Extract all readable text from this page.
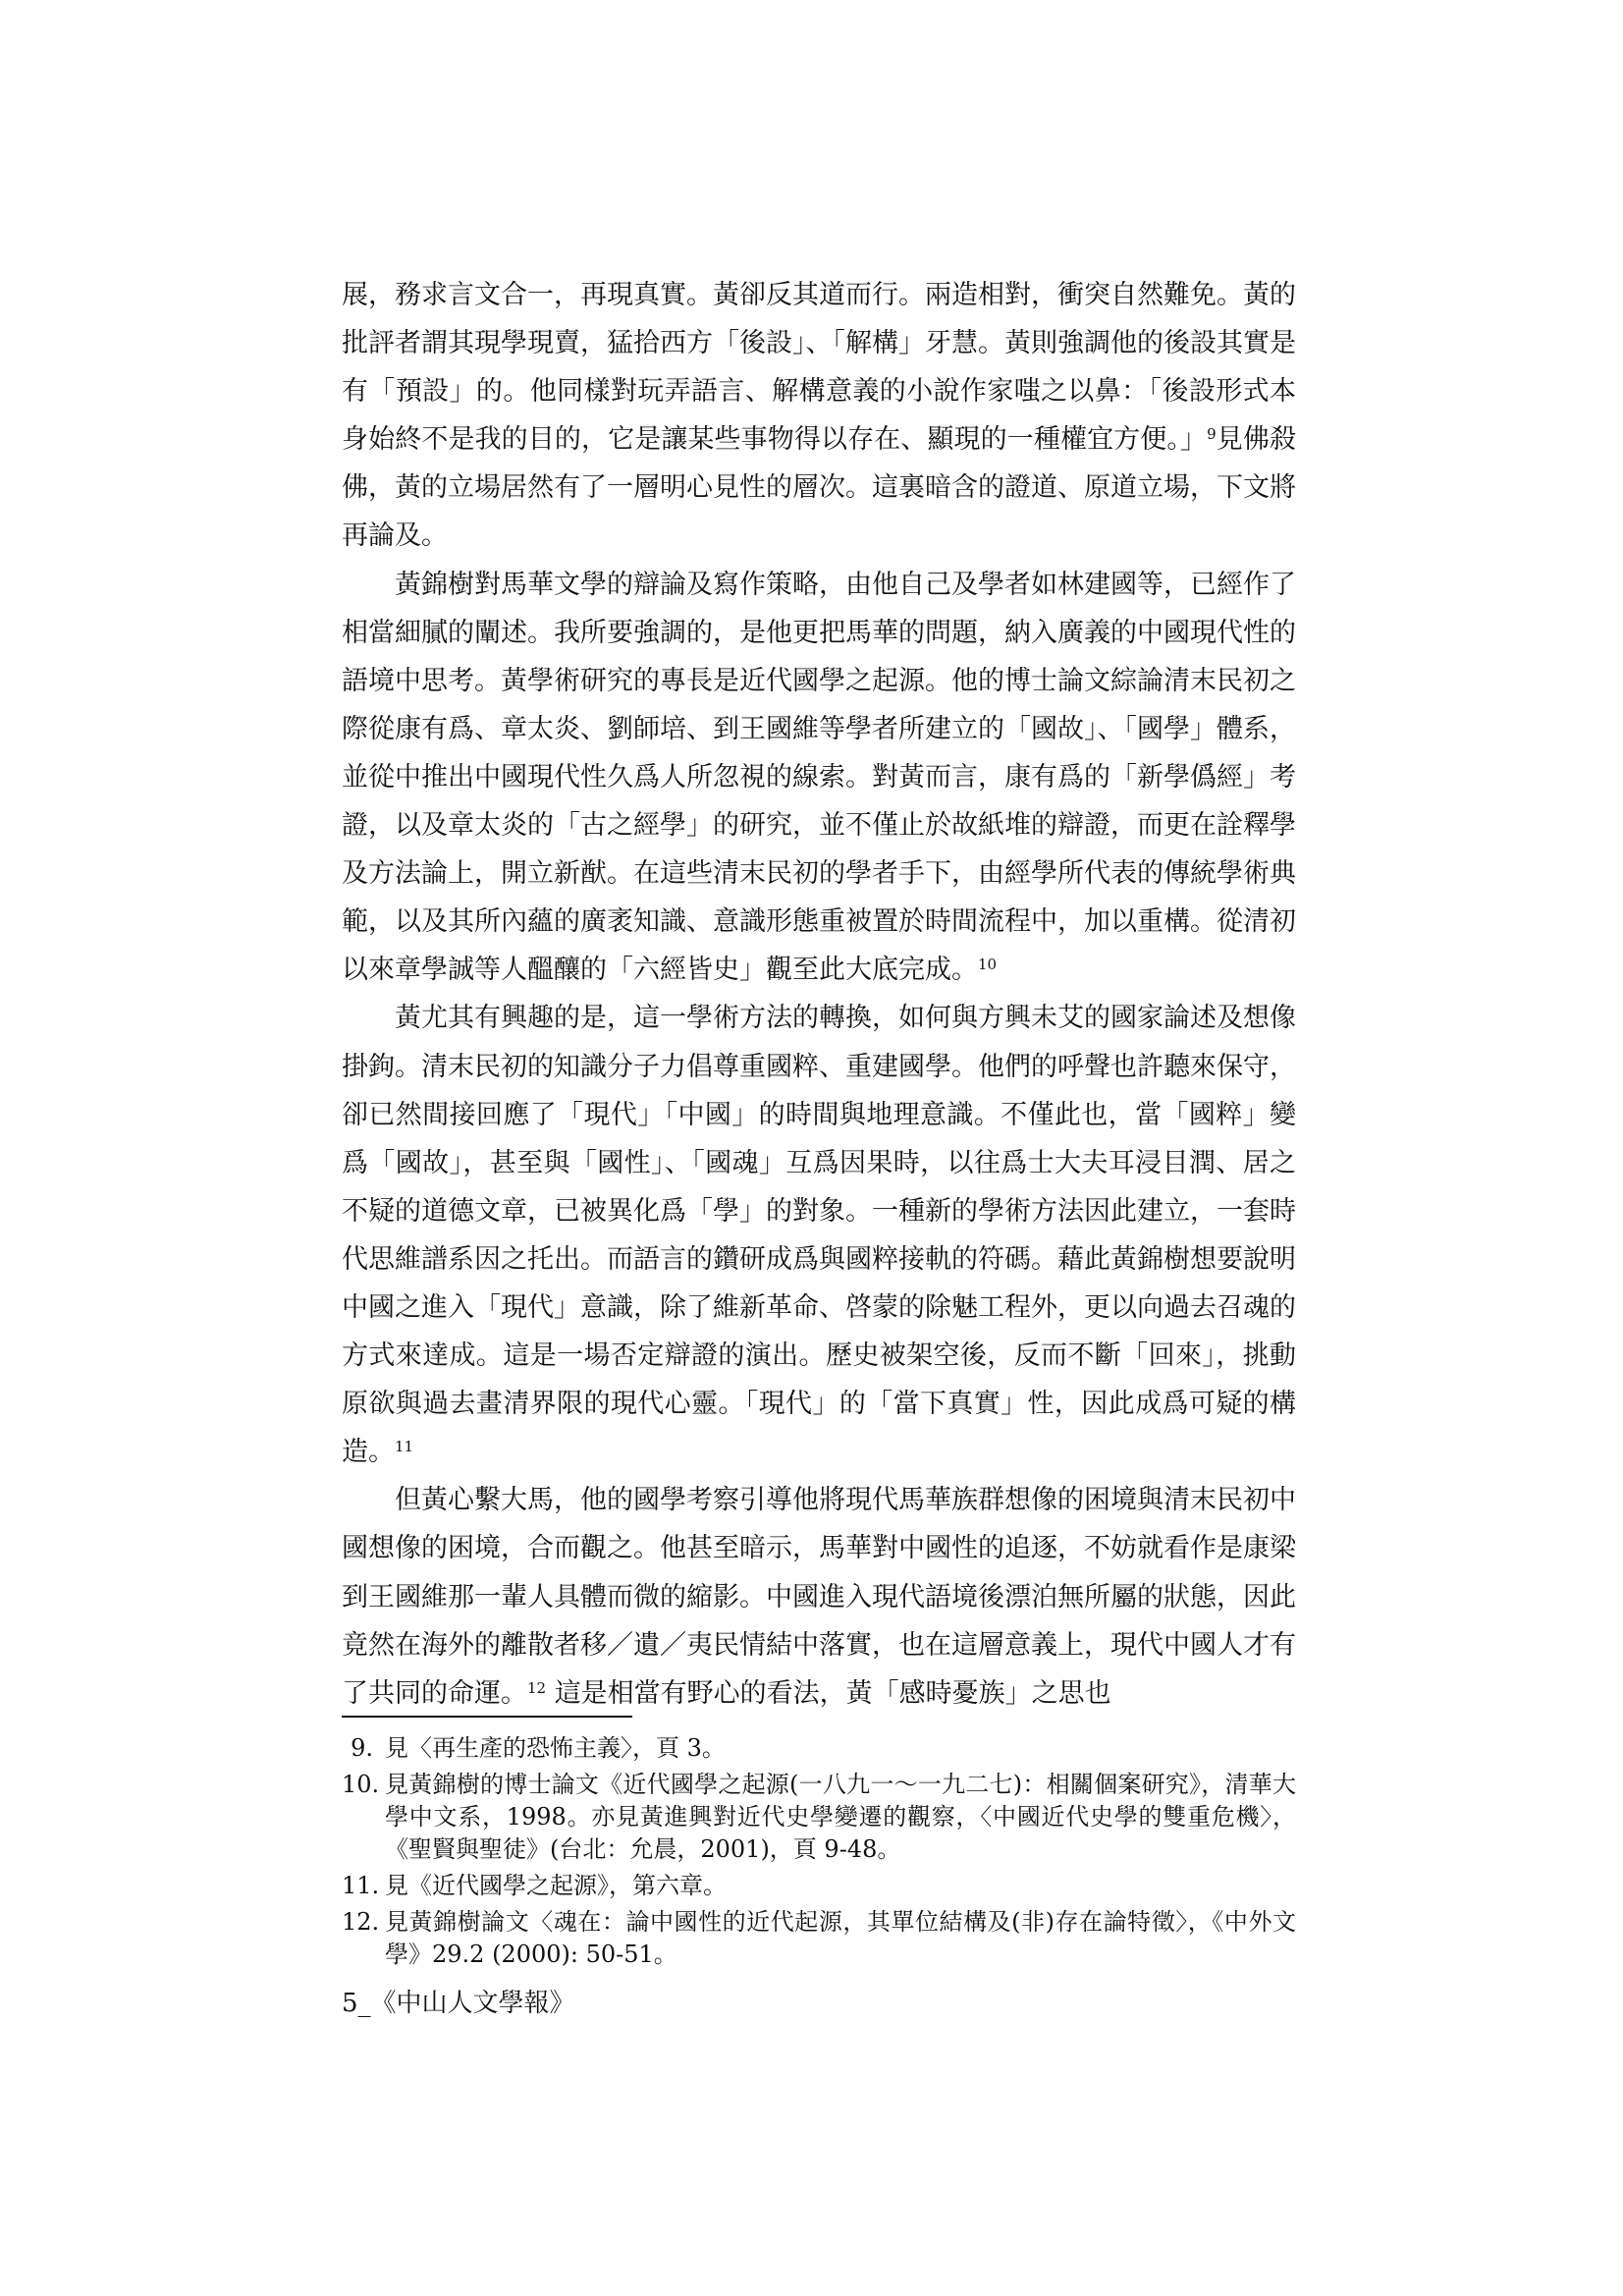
展，務求言文合一，再現真實。黃卻反其道而行。兩造相對，衝突自然難免。黃的批評者謂其現學現賣，猛拾西方「後設」、「解構」牙慧。黃則強調他的後設其實是有「預設」的。他同樣對玩弄語言、解構意義的小說作家嗤之以鼻：「後設形式本身始終不是我的目的，它是讓某些事物得以存在、顯現的一種權宜方便。」$^9$見佛殺佛，黃的立場居然有了一層明心見性的層次。這裏暗含的證道、原道立場，下文將再論及。

黃錦樹對馬華文學的辯論及寫作策略，由他自己及學者如林建國等，已經作了相當細膩的闡述。我所要強調的，是他更把馬華的問題，納入廣義的中國現代性的語境中思考。黃學術研究的專長是近代國學之起源。他的博士論文綜論清末民初之際從康有爲、章太炎、劉師培、到王國維等學者所建立的「國故」、「國學」體系，並從中推出中國現代性久爲人所忽視的線索。對黃而言，康有爲的「新學僞經」考證，以及章太炎的「古之經學」的研究，並不僅止於故紙堆的辯證，而更在詮釋學及方法論上，開立新猷。在這些清末民初的學者手下，由經學所代表的傳統學術典範，以及其所內蘊的廣袤知識、意識形態重被置於時間流程中，加以重構。從清初以來章學誠等人醞釀的「六經皆史」觀至此大底完成。$^{10}$

黃尤其有興趣的是，這一學術方法的轉換，如何與方興未艾的國家論述及想像掛鉤。清末民初的知識分子力倡尊重國粹、重建國學。他們的呼聲也許聽來保守，卻已然間接回應了「現代」「中國」的時間與地理意識。不僅此也，當「國粹」變爲「國故」，甚至與「國性」、「國魂」互爲因果時，以往爲士大夫耳浸目潤、居之不疑的道德文章，已被異化爲「學」的對象。一種新的學術方法因此建立，一套時代思維譜系因之托出。而語言的鑽研成爲與國粹接軌的符碼。藉此黃錦樹想要說明中國之進入「現代」意識，除了維新革命、啓蒙的除魅工程外，更以向過去召魂的方式來達成。這是一場否定辯證的演出。歷史被架空後，反而不斷「回來」，挑動原欲與過去畫清界限的現代心靈。「現代」的「當下真實」性，因此成爲可疑的構造。$^{11}$

但黃心繫大馬，他的國學考察引導他將現代馬華族群想像的困境與清末民初中國想像的困境，合而觀之。他甚至暗示，馬華對中國性的追逐，不妨就看作是康梁到王國維那一輩人具體而微的縮影。中國進入現代語境後漂泊無所屬的狀態，因此竟然在海外的離散者移／遺／夷民情結中落實，也在這層意義上，現代中國人才有了共同的命運。$^{12}$ 這是相當有野心的看法，黃「感時憂族」之思也

9. 見〈再生產的恐怖主義〉，頁 3。
10. 見黃錦樹的博士論文《近代國學之起源(一八九一～一九二七)：相關個案研究》，清華大學中文系，1998。亦見黃進興對近代史學變遷的觀察，〈中國近代史學的雙重危機〉，《聖賢與聖徒》(台北：允晨，2001)，頁 9-48。
11. 見《近代國學之起源》，第六章。
12. 見黃錦樹論文〈魂在：論中國性的近代起源，其單位結構及(非)存在論特徵〉，《中外文學》29.2 (2000): 50-51。
5_《中山人文學報》
